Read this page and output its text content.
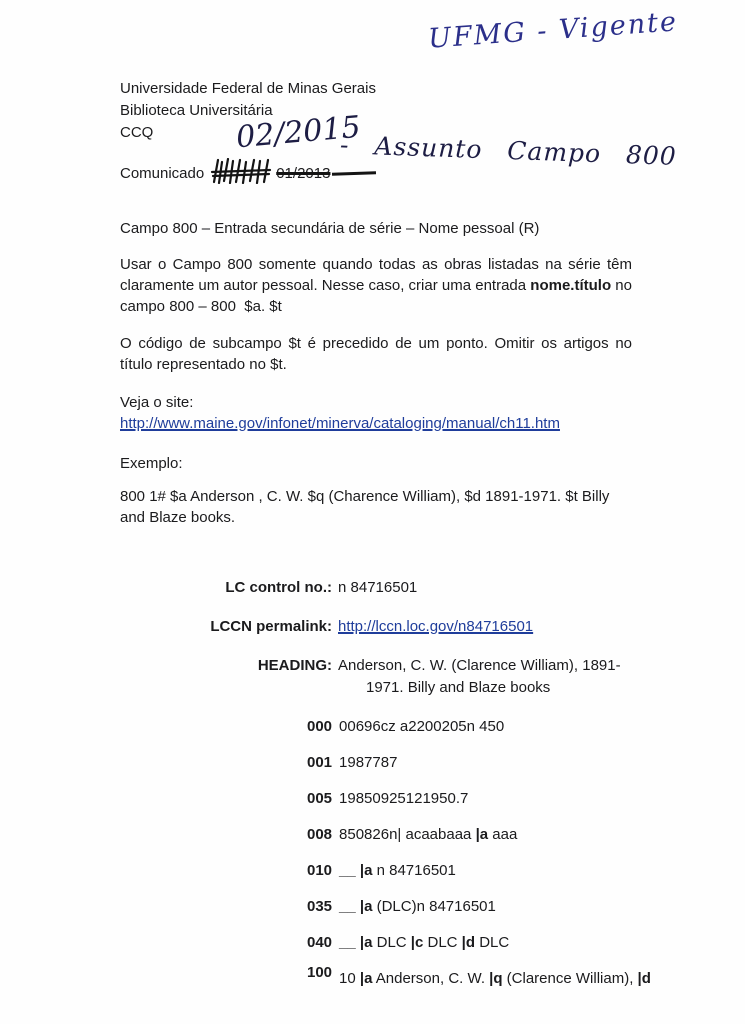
UFMG - Vigente
02/2015
- Assunto Campo 800
Universidade Federal de Minas Gerais
Biblioteca Universitária
CCQ
Comunicado	01/2013
Campo 800 – Entrada secundária de série – Nome pessoal (R)

Usar o Campo 800 somente quando todas as obras listadas na série têm claramente um autor pessoal. Nesse caso, criar uma entrada nome.título no campo 800 – 800  $a. $t

O código de subcampo $t é precedido de um ponto. Omitir os artigos no título representado no $t.

Veja o site: http://www.maine.gov/infonet/minerva/cataloging/manual/ch11.htm
Exemplo:
800 1# $a Anderson , C. W. $q (Charence William), $d 1891-1971. $t Billy and Blaze books.
LC control no.: n 84716501
LCCN permalink: http://lccn.loc.gov/n84716501
HEADING: Anderson, C. W. (Clarence William), 1891-1971. Billy and Blaze books
000 00696cz a2200205n 450
001 1987787
005 19850925121950.7
008 850826n| acaabaaa |a aaa
010 __ |a n 84716501
035 __ |a (DLC)n 84716501
040 __ |a DLC |c DLC |d DLC
100 10 |a Anderson, C. W. |q (Clarence William), |d
